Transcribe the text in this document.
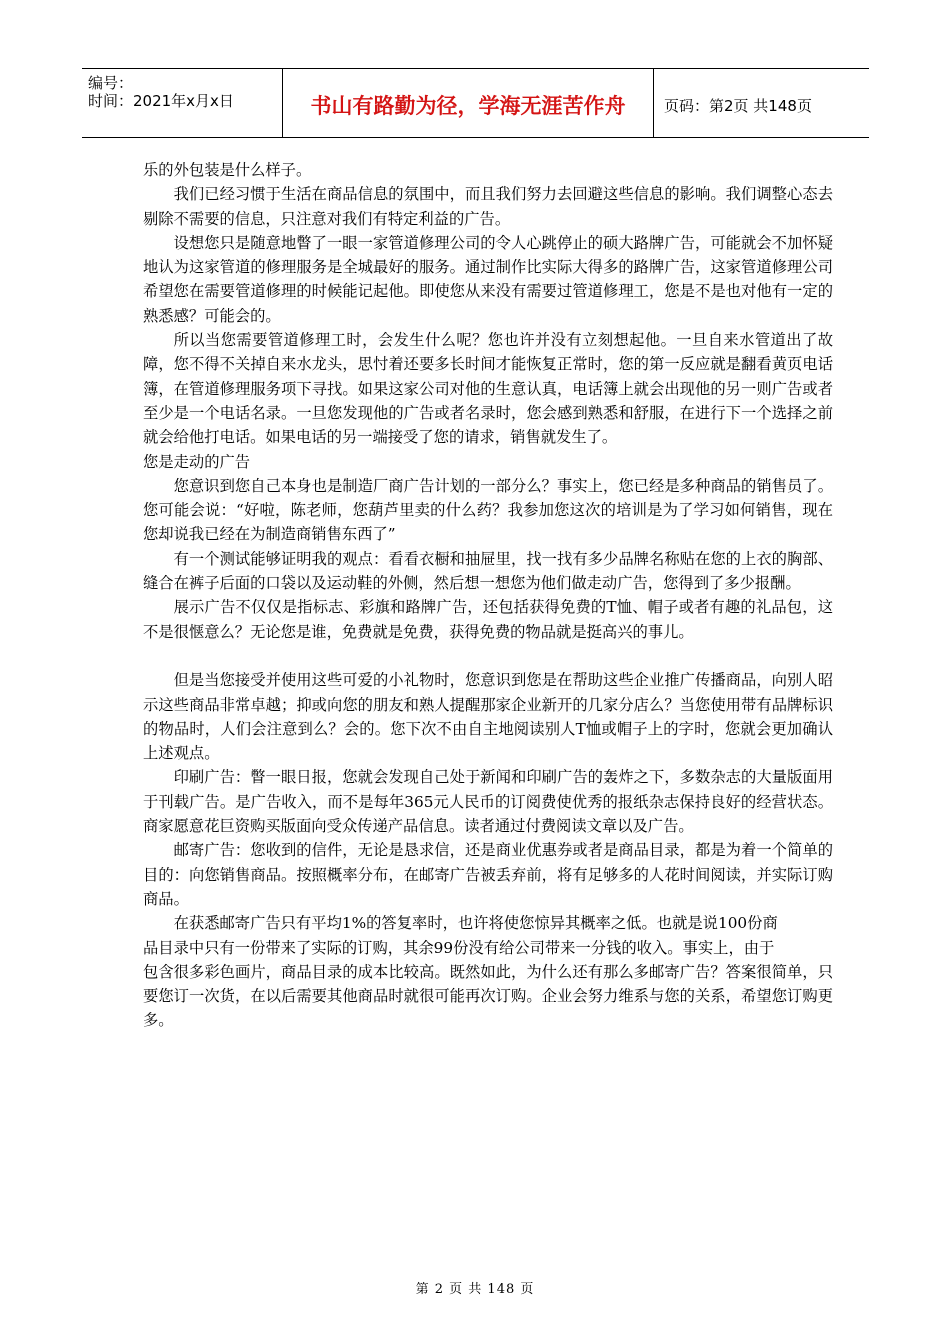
编号：
时间：2021年x月x日	书山有路勤为径，学海无涯苦作舟	页码：第2页 共148页

乐的外包装是什么样子。

我们已经习惯于生活在商品信息的氛围中，而且我们努力去回避这些信息的影响。我们调整心态去剔除不需要的信息，只注意对我们有特定利益的广告。

设想您只是随意地瞥了一眼一家管道修理公司的令人心跳停止的硕大路牌广告，可能就会不加怀疑地认为这家管道的修理服务是全城最好的服务。通过制作比实际大得多的路牌广告，这家管道修理公司希望您在需要管道修理的时候能记起他。即使您从来没有需要过管道修理工，您是不是也对他有一定的熟悉感？可能会的。

所以当您需要管道修理工时，会发生什么呢？您也许并没有立刻想起他。一旦自来水管道出了故障，您不得不关掉自来水龙头，思忖着还要多长时间才能恢复正常时，您的第一反应就是翻看黄页电话簿，在管道修理服务项下寻找。如果这家公司对他的生意认真，电话簿上就会出现他的另一则广告或者至少是一个电话名录。一旦您发现他的广告或者名录时，您会感到熟悉和舒服，在进行下一个选择之前就会给他打电话。如果电话的另一端接受了您的请求，销售就发生了。

您是走动的广告

您意识到您自己本身也是制造厂商广告计划的一部分么？事实上，您已经是多种商品的销售员了。您可能会说：“好啦，陈老师，您葫芦里卖的什么药？我参加您这次的培训是为了学习如何销售，现在您却说我已经在为制造商销售东西了”

有一个测试能够证明我的观点：看看衣橱和抽屉里，找一找有多少品牌名称贴在您的上衣的胸部、缝合在裤子后面的口袋以及运动鞋的外侧，然后想一想您为他们做走动广告，您得到了多少报酬。

展示广告不仅仅是指标志、彩旗和路牌广告，还包括获得免费的T恤、帽子或者有趣的礼品包，这不是很惬意么？无论您是谁，免费就是免费，获得免费的物品就是挺高兴的事儿。

但是当您接受并使用这些可爱的小礼物时，您意识到您是在帮助这些企业推广传播商品，向别人昭示这些商品非常卓越；抑或向您的朋友和熟人提醒那家企业新开的几家分店么？当您使用带有品牌标识的物品时，人们会注意到么？会的。您下次不由自主地阅读别人T恤或帽子上的字时，您就会更加确认上述观点。

印刷广告：瞥一眼日报，您就会发现自己处于新闻和印刷广告的轰炸之下，多数杂志的大量版面用于刊载广告。是广告收入，而不是每年365元人民币的订阅费使优秀的报纸杂志保持良好的经营状态。商家愿意花巨资购买版面向受众传递产品信息。读者通过付费阅读文章以及广告。

邮寄广告：您收到的信件，无论是恳求信，还是商业优惠券或者是商品目录，都是为着一个简单的目的：向您销售商品。按照概率分布，在邮寄广告被丢弃前，将有足够多的人花时间阅读，并实际订购商品。

在获悉邮寄广告只有平均1%的答复率时，也许将使您惊异其概率之低。也就是说100份商

品目录中只有一份带来了实际的订购，其余99份没有给公司带来一分钱的收入。事实上，由于

包含很多彩色画片，商品目录的成本比较高。既然如此，为什么还有那么多邮寄广告？答案很简单，只要您订一次货，在以后需要其他商品时就很可能再次订购。企业会努力维系与您的关系，希望您订购更多。

第 2 页 共 148 页
